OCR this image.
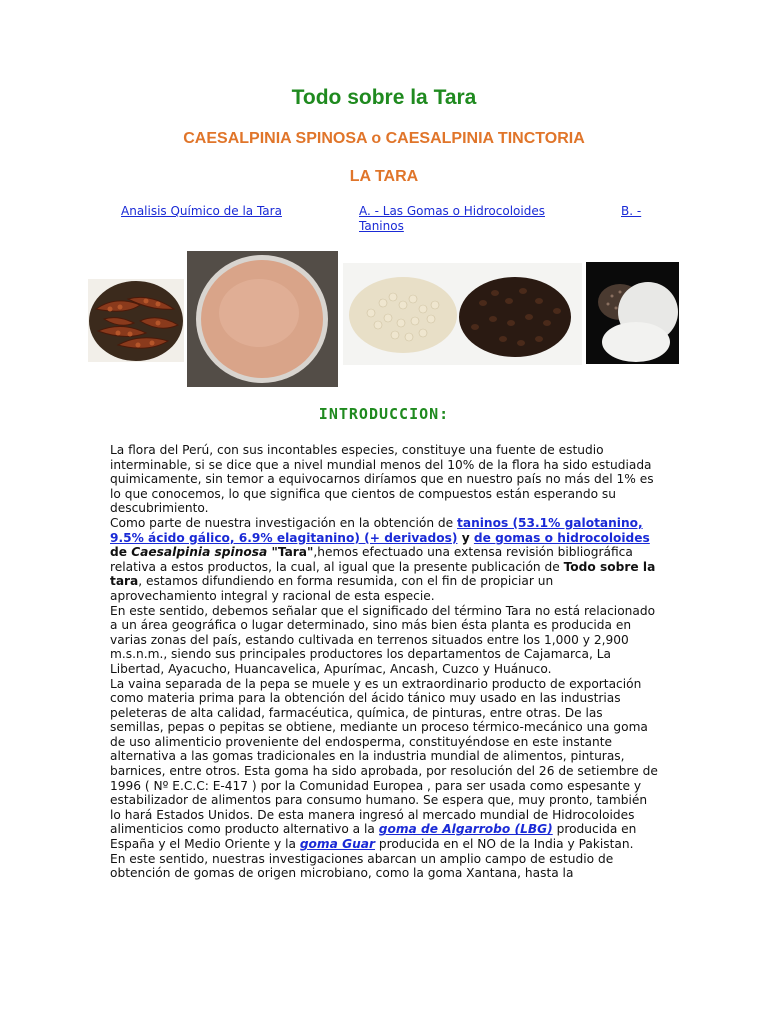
Todo sobre la Tara
CAESALPINIA SPINOSA o CAESALPINIA TINCTORIA
LA TARA
Analisis Químico de la Tara	A. - Las Gomas o Hidrocoloides Taninos
B. -
INTRODUCCION:

La flora del Perú, con sus incontables especies, constituye una fuente de estudio interminable, si se dice que a nivel mundial menos del 10% de la flora ha sido estudiada quimicamente, sin temor a equivocarnos diríamos que en nuestro país no más del 1% es lo que conocemos, lo que significa que cientos de compuestos están esperando su descubrimiento.

Como parte de nuestra investigación en la obtención de taninos (53.1% galotanino, 9.5% ácido gálico, 6.9% elagitanino) (+ derivados) y de gomas o hidrocoloides de Caesalpinia spinosa "Tara",hemos efectuado una extensa revisión bibliográfica relativa a estos productos, la cual, al igual que la presente publicación de Todo sobre la tara, estamos difundiendo en forma resumida, con el fin de propiciar un aprovechamiento integral y racional de esta especie.

En este sentido, debemos señalar que el significado del término Tara no está relacionado a un área geográfica o lugar determinado, sino más bien ésta planta es producida en varias zonas del país, estando cultivada en terrenos situados entre los 1,000 y 2,900 m.s.n.m., siendo sus principales productores los departamentos de Cajamarca, La Libertad, Ayacucho, Huancavelica, Apurímac, Ancash, Cuzco y Huánuco.

La vaina separada de la pepa se muele y es un extraordinario producto de exportación como materia prima para la obtención del ácido tánico muy usado en las industrias peleteras de alta calidad, farmacéutica, química, de pinturas, entre otras. De las semillas, pepas o pepitas se obtiene, mediante un proceso térmico-mecánico una goma de uso alimenticio proveniente del endosperma, constituyéndose en este instante alternativa a las gomas tradicionales en la industria mundial de alimentos, pinturas, barnices, entre otros. Esta goma ha sido aprobada, por resolución del 26 de setiembre de 1996 ( Nº E.C.C: E-417 ) por la Comunidad Europea , para ser usada como espesante y estabilizador de alimentos para consumo humano. Se espera que, muy pronto, también lo hará Estados Unidos. De esta manera ingresó al mercado mundial de Hidrocoloides alimenticios como producto alternativo a la goma de Algarrobo (LBG) producida en España y el Medio Oriente y la goma Guar producida en el NO de la India y Pakistan.

En este sentido, nuestras investigaciones abarcan un amplio campo de estudio de obtención de gomas de origen microbiano, como la goma Xantana, hasta la
